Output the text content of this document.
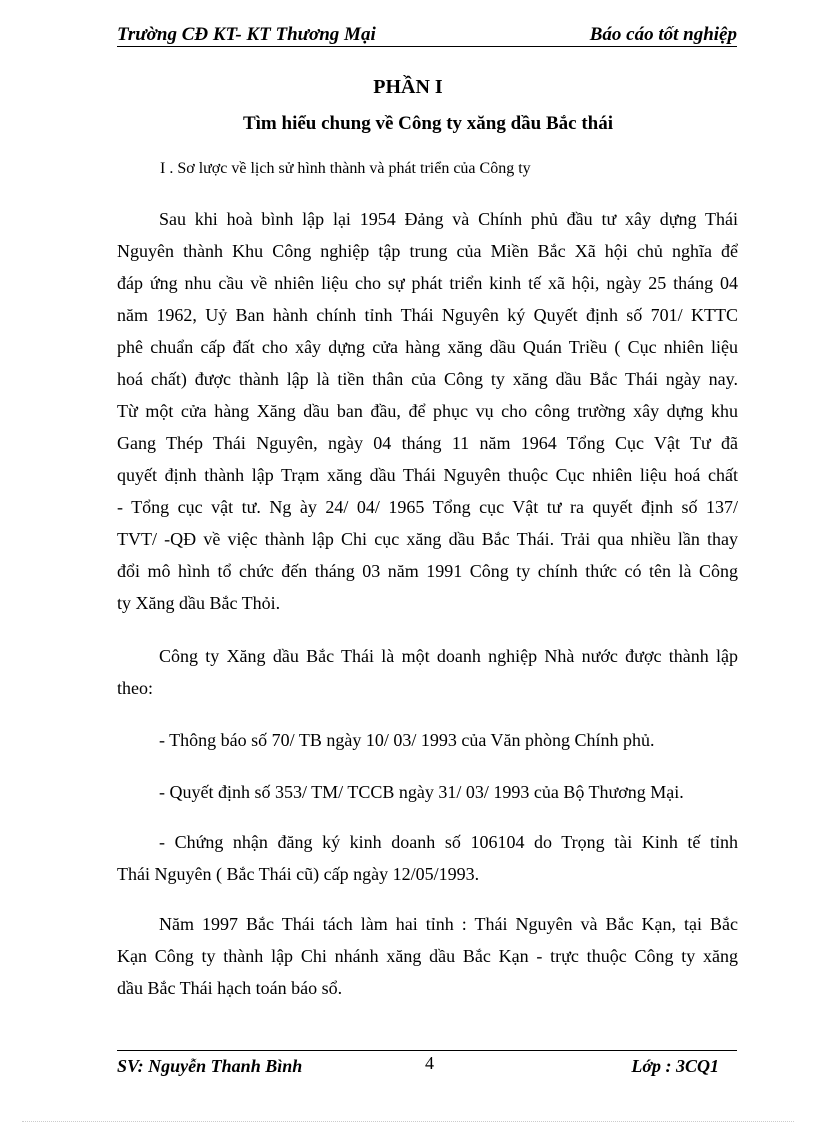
Trường CĐ KT- KT Thương Mại	Báo cáo tốt nghiệp
PHẦN I
Tìm hiểu chung về Công ty xăng dầu Bắc thái
I . Sơ lược về lịch sử hình thành và phát triển của Công ty
Sau khi hoà bình lập lại 1954 Đảng và Chính phủ đầu tư xây dựng Thái
Nguyên thành Khu Công nghiệp tập trung của Miền Bắc Xã hội chủ nghĩa để
đáp ứng nhu cầu về nhiên liệu cho sự phát triển kinh tế xã hội, ngày 25 tháng 04
năm 1962, Uỷ Ban hành chính tỉnh Thái Nguyên ký Quyết định số 701/ KTTC
phê chuẩn cấp đất cho xây dựng cửa hàng xăng dầu Quán Triều ( Cục nhiên liệu
hoá chất) được thành lập là tiền thân của Công ty xăng dầu Bắc Thái ngày nay.
Từ một cửa hàng Xăng dầu ban đầu, để phục vụ cho công trường xây dựng khu
Gang Thép Thái Nguyên, ngày 04 tháng 11 năm 1964 Tổng Cục Vật Tư đã
quyết định thành lập Trạm xăng dầu Thái Nguyên thuộc Cục nhiên liệu hoá chất
- Tổng cục vật tư. Ng ày 24/ 04/ 1965 Tổng cục Vật tư ra quyết định số 137/
TVT/ -QĐ về việc thành lập Chi cục xăng dầu Bắc Thái. Trải qua nhiều lần thay
đổi mô hình tổ chức đến tháng 03 năm 1991 Công ty chính thức có tên là Công
ty Xăng dầu Bắc Thỏi.
Công ty Xăng dầu Bắc Thái là một doanh nghiệp Nhà nước được thành lập
theo:
- Thông báo số 70/ TB ngày 10/ 03/ 1993 của Văn phòng Chính phủ.
- Quyết định số 353/ TM/ TCCB ngày 31/ 03/ 1993 của Bộ Thương Mại.
- Chứng nhận đăng ký kinh doanh số 106104 do Trọng tài Kinh tế tỉnh
Thái Nguyên ( Bắc Thái cũ) cấp ngày 12/05/1993.
Năm 1997 Bắc Thái tách làm hai tỉnh : Thái Nguyên và Bắc Kạn, tại Bắc
Kạn Công ty thành lập Chi nhánh xăng dầu Bắc Kạn - trực thuộc Công ty xăng
dầu Bắc Thái hạch toán báo sổ.
SV: Nguyễn Thanh Bình	4	Lớp : 3CQ1
